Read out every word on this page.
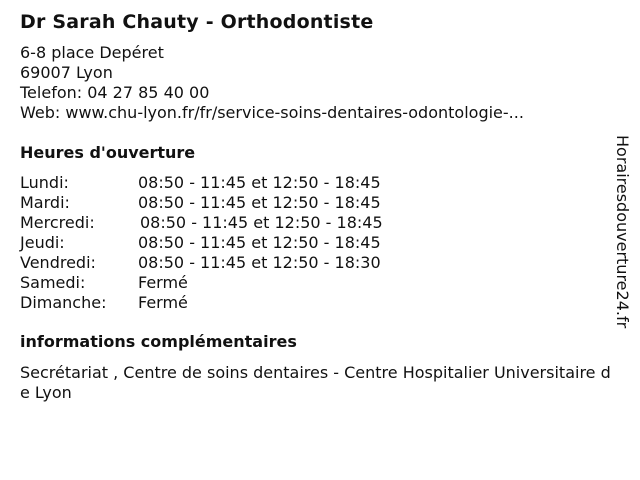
Dr Sarah Chauty - Orthodontiste
6-8 place Depéret
69007 Lyon
Telefon: 04 27 85 40 00
Web: www.chu-lyon.fr/fr/service-soins-dentaires-odontologie-...
Heures d'ouverture
Lundi:	08:50 - 11:45 et 12:50 - 18:45
Mardi:	08:50 - 11:45 et 12:50 - 18:45
Mercredi:	08:50 - 11:45 et 12:50 - 18:45
Jeudi:	08:50 - 11:45 et 12:50 - 18:45
Vendredi:	08:50 - 11:45 et 12:50 - 18:30
Samedi:	Fermé
Dimanche:	Fermé
informations complémentaires
Secrétariat , Centre de soins dentaires - Centre Hospitalier Universitaire de Lyon
Horairesdouverture24.fr
